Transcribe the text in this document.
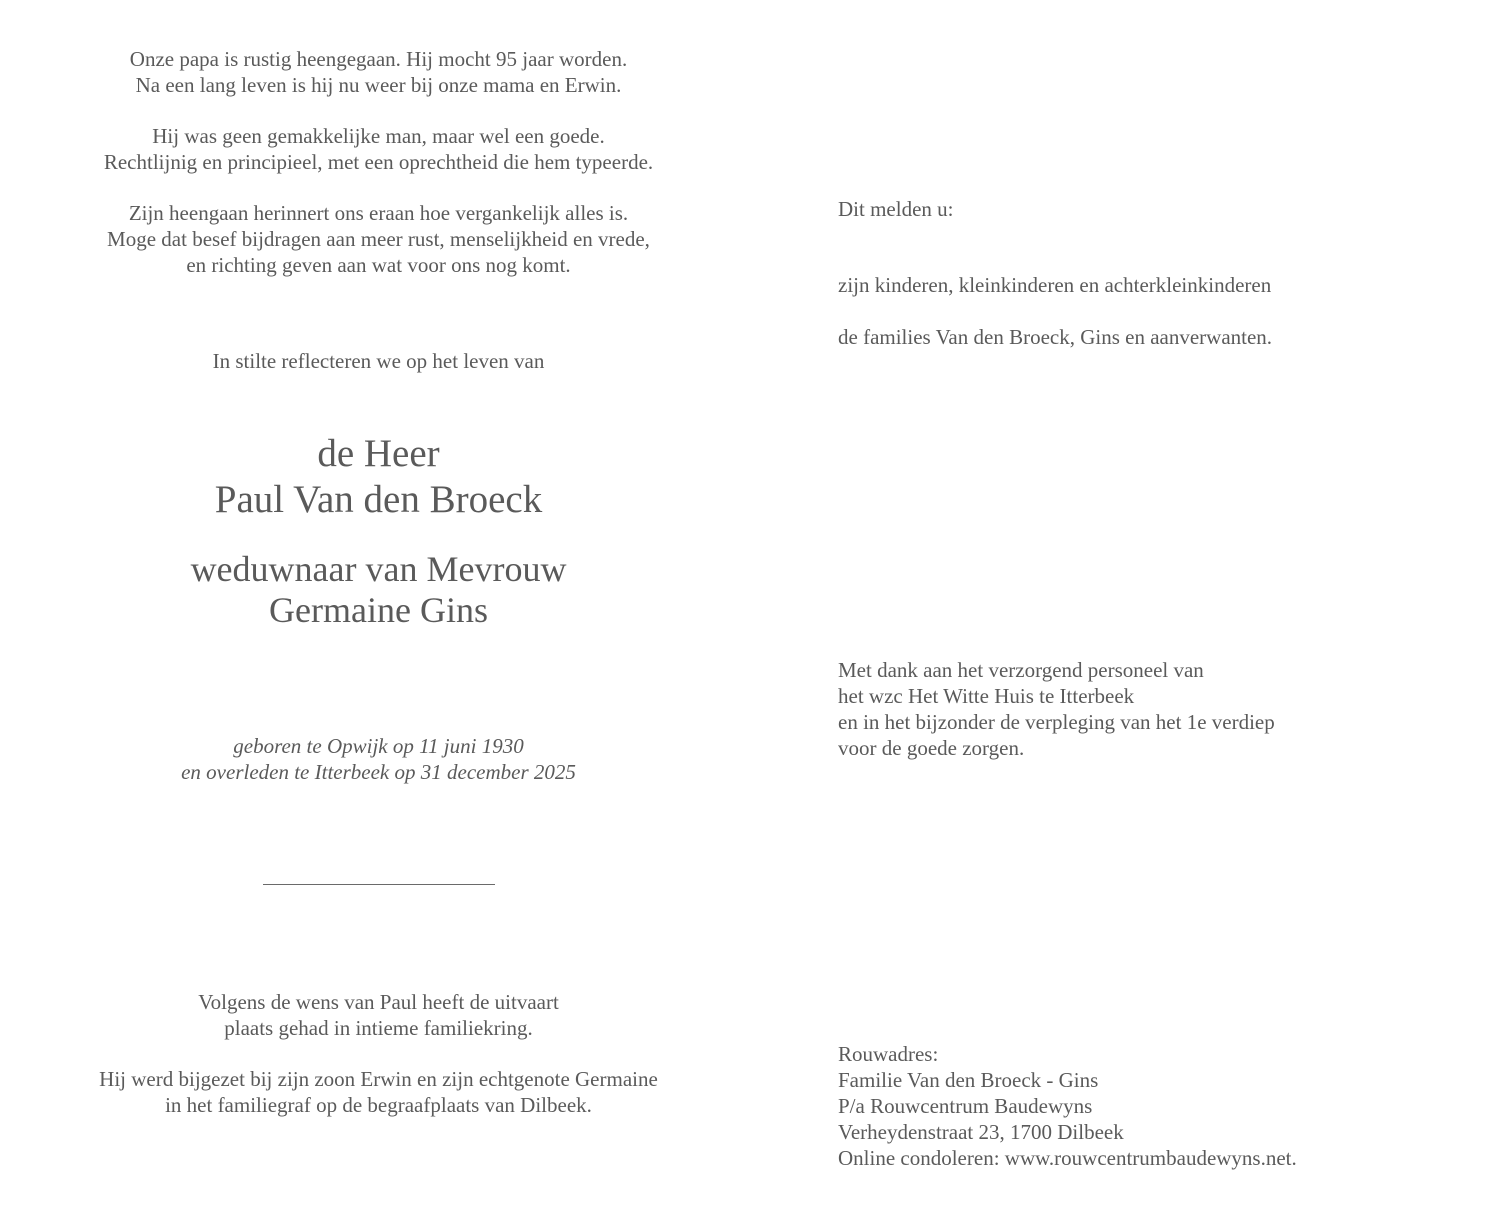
Onze papa is rustig heengegaan. Hij mocht 95 jaar worden.
Na een lang leven is hij nu weer bij onze mama en Erwin.
Hij was geen gemakkelijke man, maar wel een goede.
Rechtlijnig en principieel, met een oprechtheid die hem typeerde.
Zijn heengaan herinnert ons eraan hoe vergankelijk alles is.
Moge dat besef bijdragen aan meer rust, menselijkheid en vrede,
en richting geven aan wat voor ons nog komt.
In stilte reflecteren we op het leven van
de Heer
Paul Van den Broeck
weduwnaar van Mevrouw
Germaine Gins
geboren te Opwijk op 11 juni 1930
en overleden te Itterbeek op 31 december 2025
Volgens de wens van Paul heeft de uitvaart
plaats gehad in intieme familiekring.
Hij werd bijgezet bij zijn zoon Erwin en zijn echtgenote Germaine
in het familiegraf op de begraafplaats van Dilbeek.
Dit melden u:
zijn kinderen, kleinkinderen en achterkleinkinderen
de families Van den Broeck, Gins en aanverwanten.
Met dank aan het verzorgend personeel van
het wzc Het Witte Huis te Itterbeek
en in het bijzonder de verpleging van het 1e verdiep
voor de goede zorgen.
Rouwadres:
Familie Van den Broeck - Gins
P/a Rouwcentrum Baudewyns
Verheydenstraat 23, 1700 Dilbeek
Online condoleren: www.rouwcentrumbaudewyns.net.
